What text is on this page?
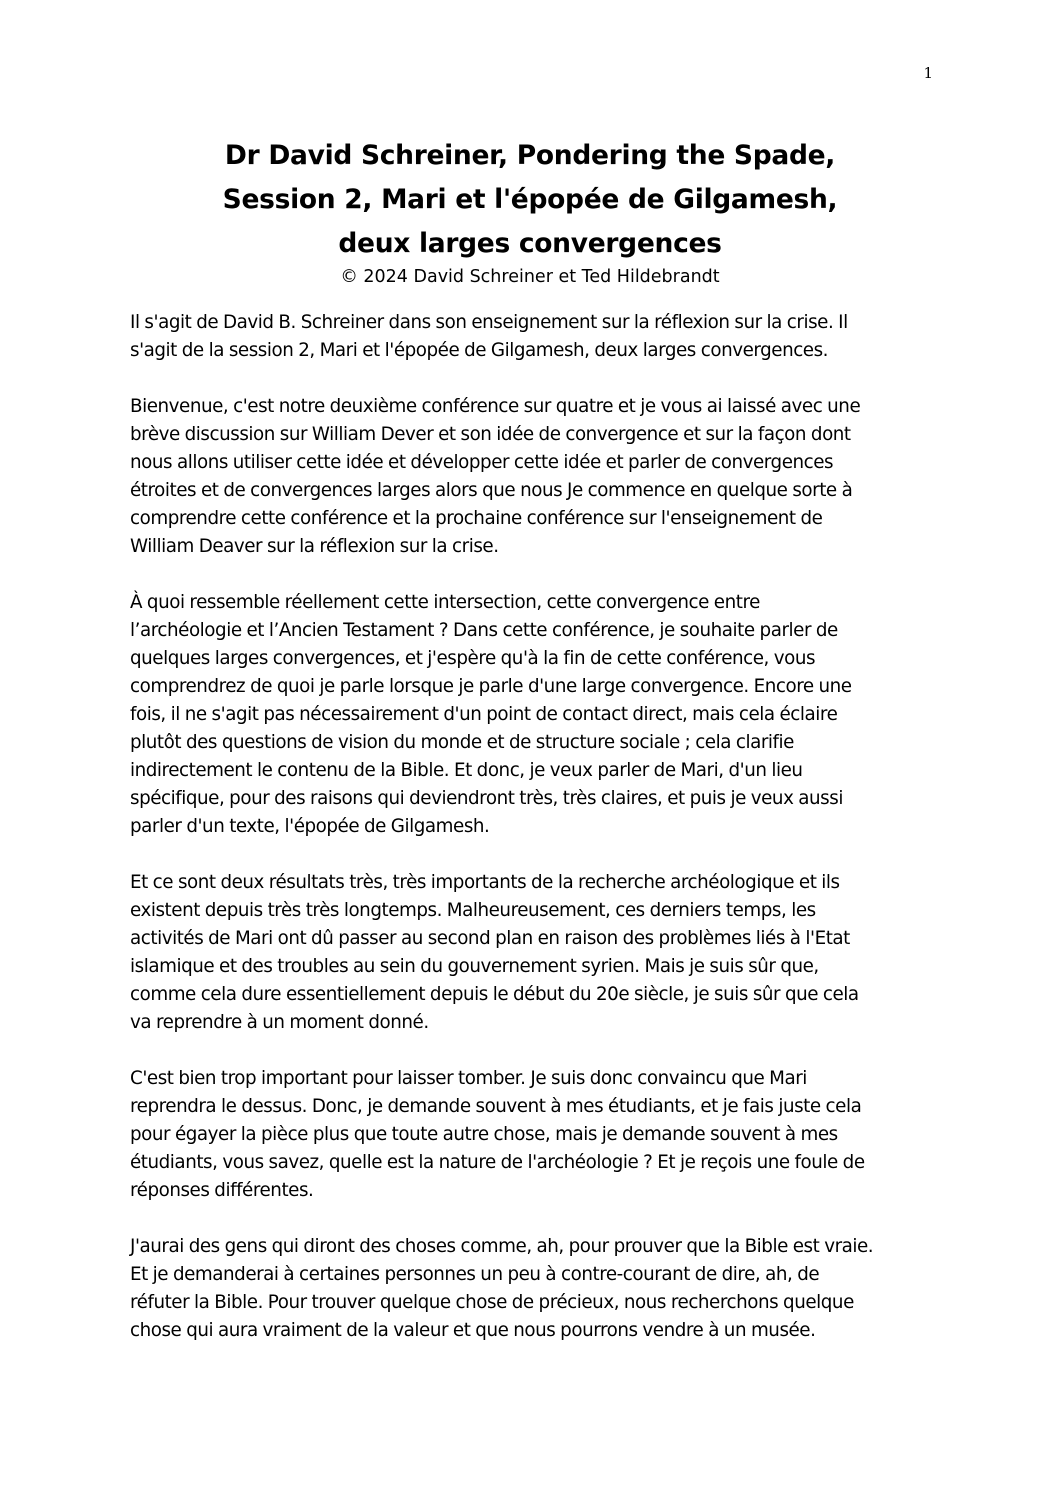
1
Dr David Schreiner, Pondering the Spade,
Session 2, Mari et l'épopée de Gilgamesh,
deux larges convergences
© 2024 David Schreiner et Ted Hildebrandt

Il s'agit de David B. Schreiner dans son enseignement sur la réflexion sur la crise. Il
s'agit de la session 2, Mari et l'épopée de Gilgamesh, deux larges convergences.

Bienvenue, c'est notre deuxième conférence sur quatre et je vous ai laissé avec une
brève discussion sur William Dever et son idée de convergence et sur la façon dont
nous allons utiliser cette idée et développer cette idée et parler de convergences
étroites et de convergences larges alors que nous Je commence en quelque sorte à
comprendre cette conférence et la prochaine conférence sur l'enseignement de
William Deaver sur la réflexion sur la crise.

À quoi ressemble réellement cette intersection, cette convergence entre
l’archéologie et l’Ancien Testament ? Dans cette conférence, je souhaite parler de
quelques larges convergences, et j'espère qu'à la fin de cette conférence, vous
comprendrez de quoi je parle lorsque je parle d'une large convergence. Encore une
fois, il ne s'agit pas nécessairement d'un point de contact direct, mais cela éclaire
plutôt des questions de vision du monde et de structure sociale ; cela clarifie
indirectement le contenu de la Bible. Et donc, je veux parler de Mari, d'un lieu
spécifique, pour des raisons qui deviendront très, très claires, et puis je veux aussi
parler d'un texte, l'épopée de Gilgamesh.

Et ce sont deux résultats très, très importants de la recherche archéologique et ils
existent depuis très très longtemps. Malheureusement, ces derniers temps, les
activités de Mari ont dû passer au second plan en raison des problèmes liés à l'Etat
islamique et des troubles au sein du gouvernement syrien. Mais je suis sûr que,
comme cela dure essentiellement depuis le début du 20e siècle, je suis sûr que cela
va reprendre à un moment donné.

C'est bien trop important pour laisser tomber. Je suis donc convaincu que Mari
reprendra le dessus. Donc, je demande souvent à mes étudiants, et je fais juste cela
pour égayer la pièce plus que toute autre chose, mais je demande souvent à mes
étudiants, vous savez, quelle est la nature de l'archéologie ? Et je reçois une foule de
réponses différentes.

J'aurai des gens qui diront des choses comme, ah, pour prouver que la Bible est vraie.
Et je demanderai à certaines personnes un peu à contre-courant de dire, ah, de
réfuter la Bible. Pour trouver quelque chose de précieux, nous recherchons quelque
chose qui aura vraiment de la valeur et que nous pourrons vendre à un musée.
